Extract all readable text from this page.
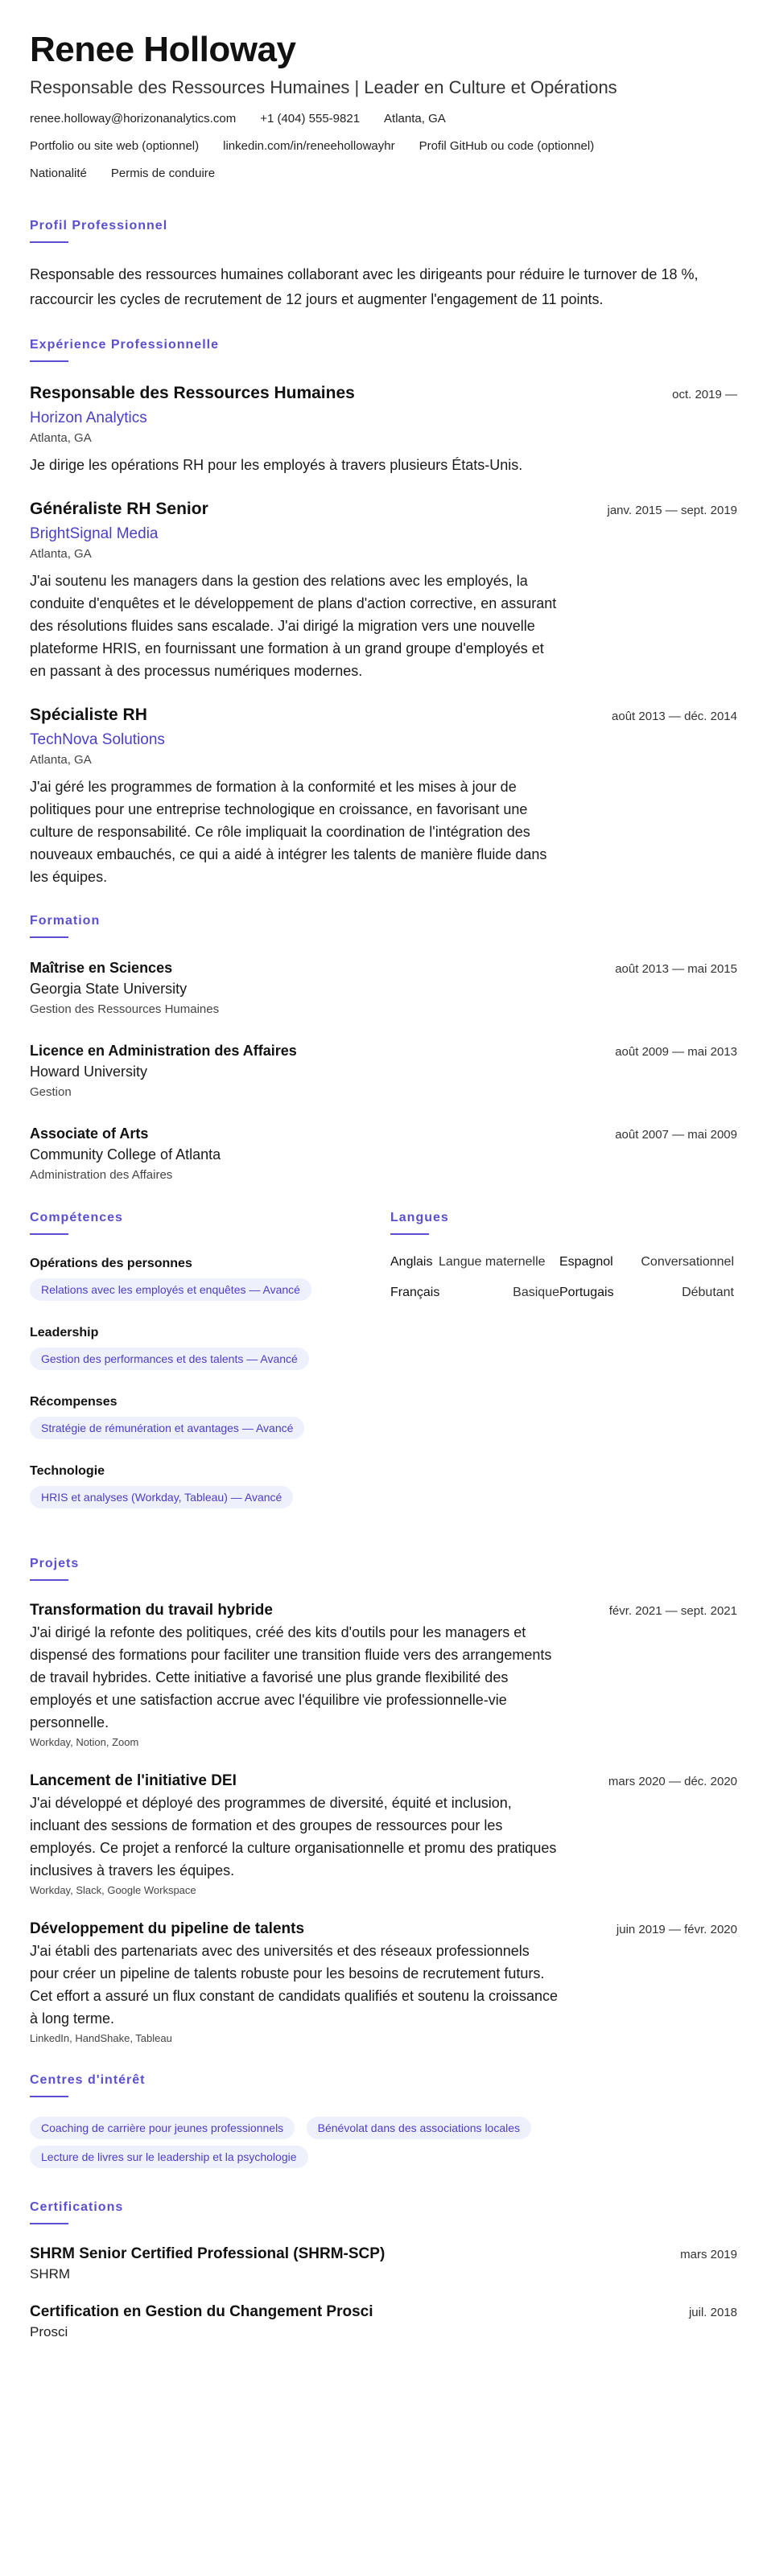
Renee Holloway
Responsable des Ressources Humaines | Leader en Culture et Opérations
renee.holloway@horizonanalytics.com +1 (404) 555-9821 Atlanta, GA
Portfolio ou site web (optionnel) linkedin.com/in/reneehollowayhr Profil GitHub ou code (optionnel)
Nationalité Permis de conduire
Profil Professionnel

Responsable des ressources humaines collaborant avec les dirigeants pour réduire le turnover de 18 %, raccourcir les cycles de recrutement de 12 jours et augmenter l'engagement de 11 points.

Expérience Professionnelle
Responsable des Ressources Humaines	oct. 2019 —
Horizon Analytics
Atlanta, GA

Je dirige les opérations RH pour les employés à travers plusieurs États-Unis.

Généraliste RH Senior	janv. 2015 — sept. 2019
BrightSignal Media
Atlanta, GA

J'ai soutenu les managers dans la gestion des relations avec les employés, la conduite d'enquêtes et le développement de plans d'action corrective, en assurant des résolutions fluides sans escalade. J'ai dirigé la migration vers une nouvelle plateforme HRIS, en fournissant une formation à un grand groupe d'employés et en passant à des processus numériques modernes.

Spécialiste RH	août 2013 — déc. 2014
TechNova Solutions
Atlanta, GA

J'ai géré les programmes de formation à la conformité et les mises à jour de politiques pour une entreprise technologique en croissance, en favorisant une culture de responsabilité. Ce rôle impliquait la coordination de l'intégration des nouveaux embauchés, ce qui a aidé à intégrer les talents de manière fluide dans les équipes.

Formation
Maîtrise en Sciences	août 2013 — mai 2015
Georgia State University
Gestion des Ressources Humaines
Licence en Administration des Affaires	août 2009 — mai 2013
Howard University
Gestion
Associate of Arts	août 2007 — mai 2009
Community College of Atlanta
Administration des Affaires
Compétences
Opérations des personnes
Relations avec les employés et enquêtes — Avancé
Leadership
Gestion des performances et des talents — Avancé
Récompenses
Stratégie de rémunération et avantages — Avancé
Technologie
HRIS et analyses (Workday, Tableau) — Avancé
Langues
Anglais Langue maternelle	Espagnol	Conversationnel
Français	Basique Portugais	Débutant
Projets
Transformation du travail hybride	févr. 2021 — sept. 2021

J'ai dirigé la refonte des politiques, créé des kits d'outils pour les managers et dispensé des formations pour faciliter une transition fluide vers des arrangements de travail hybrides. Cette initiative a favorisé une plus grande flexibilité des employés et une satisfaction accrue avec l'équilibre vie professionnelle-vie personnelle.

Workday, Notion, Zoom
Lancement de l'initiative DEI	mars 2020 — déc. 2020

J'ai développé et déployé des programmes de diversité, équité et inclusion, incluant des sessions de formation et des groupes de ressources pour les employés. Ce projet a renforcé la culture organisationnelle et promu des pratiques inclusives à travers les équipes.

Workday, Slack, Google Workspace
Développement du pipeline de talents	juin 2019 — févr. 2020

J'ai établi des partenariats avec des universités et des réseaux professionnels pour créer un pipeline de talents robuste pour les besoins de recrutement futurs. Cet effort a assuré un flux constant de candidats qualifiés et soutenu la croissance à long terme.

LinkedIn, HandShake, Tableau
Centres d'intérêt
Coaching de carrière pour jeunes professionnels	Bénévolat dans des associations locales Lecture de livres sur le leadership et la psychologie
Certifications
SHRM Senior Certified Professional (SHRM-SCP)	mars 2019
SHRM
Certification en Gestion du Changement Prosci	juil. 2018
Prosci
